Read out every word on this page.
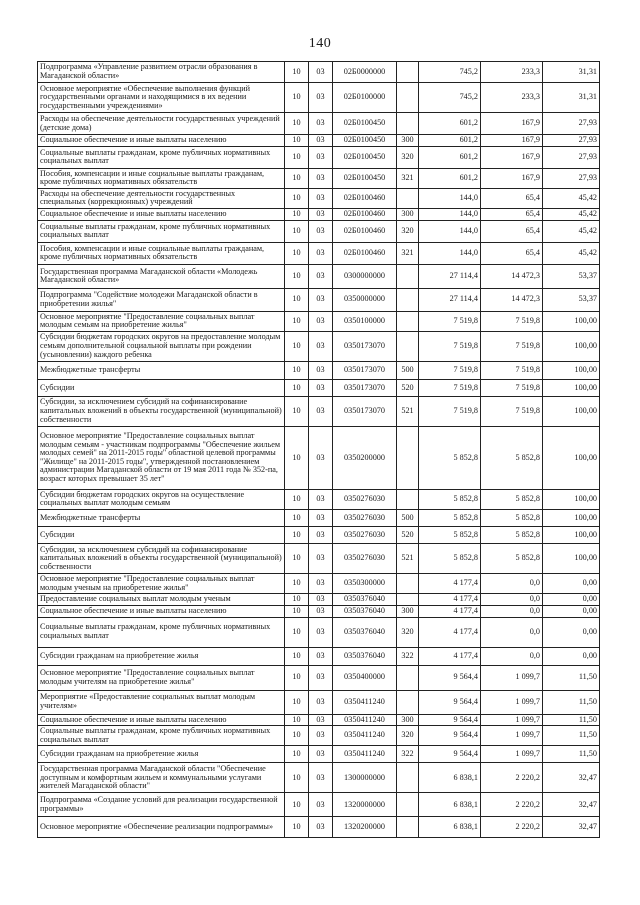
140
Подпрограмма «Управление развитием отрасли образования в Магаданской области»	10	03	02Б0000000		745,2	233,3	31,31
Основное мероприятие «Обеспечение выполнения функций государственными органами и находящимися в их ведении государственными учреждениями»	10	03	02Б0100000		745,2	233,3	31,31
Расходы на обеспечение деятельности государственных учреждений (детские дома)	10	03	02Б0100450		601,2	167,9	27,93
Социальное обеспечение и иные выплаты населению	10	03	02Б0100450	300	601,2	167,9	27,93
Социальные выплаты гражданам, кроме публичных нормативных социальных выплат	10	03	02Б0100450	320	601,2	167,9	27,93
Пособия, компенсации и иные социальные выплаты гражданам, кроме публичных нормативных обязательств	10	03	02Б0100450	321	601,2	167,9	27,93
Расходы на обеспечение деятельности государственных специальных (коррекционных) учреждений	10	03	02Б0100460		144,0	65,4	45,42
Социальное обеспечение и иные выплаты населению	10	03	02Б0100460	300	144,0	65,4	45,42
Социальные выплаты гражданам, кроме публичных нормативных социальных выплат	10	03	02Б0100460	320	144,0	65,4	45,42
Пособия, компенсации и иные социальные выплаты гражданам, кроме публичных нормативных обязательств	10	03	02Б0100460	321	144,0	65,4	45,42
Государственная программа Магаданской области «Молодежь Магаданской области»	10	03	0300000000		27 114,4	14 472,3	53,37
Подпрограмма "Содействие молодежи Магаданской области в приобретении жилья"	10	03	0350000000		27 114,4	14 472,3	53,37
Основное мероприятие "Предоставление социальных выплат молодым семьям на приобретение жилья"	10	03	0350100000		7 519,8	7 519,8	100,00
Субсидии бюджетам городских округов на предоставление молодым семьям дополнительной социальной выплаты при рождении (усыновлении) каждого ребенка	10	03	0350173070		7 519,8	7 519,8	100,00
Межбюджетные трансферты	10	03	0350173070	500	7 519,8	7 519,8	100,00
Субсидии	10	03	0350173070	520	7 519,8	7 519,8	100,00
Субсидии, за исключением субсидий на софинансирование капитальных вложений в объекты государственной (муниципальной) собственности	10	03	0350173070	521	7 519,8	7 519,8	100,00
Основное мероприятие "Предоставление социальных выплат молодым семьям - участникам подпрограммы "Обеспечение жильем молодых семей" на 2011-2015 годы" областной целевой программы "Жилище" на 2011-2015 годы", утвержденной постановлением администрации Магаданской области от 19 мая 2011 года № 352-па, возраст которых превышает 35 лет"	10	03	0350200000		5 852,8	5 852,8	100,00
Субсидии бюджетам городских округов на осуществление социальных выплат молодым семьям	10	03	0350276030		5 852,8	5 852,8	100,00
Межбюджетные трансферты	10	03	0350276030	500	5 852,8	5 852,8	100,00
Субсидии	10	03	0350276030	520	5 852,8	5 852,8	100,00
Субсидии, за исключением субсидий на софинансирование капитальных вложений в объекты государственной (муниципальной) собственности	10	03	0350276030	521	5 852,8	5 852,8	100,00
Основное мероприятие "Предоставление социальных выплат молодым ученым на приобретение жилья"	10	03	0350300000		4 177,4	0,0	0,00
Предоставление социальных выплат молодым ученым	10	03	0350376040		4 177,4	0,0	0,00
Социальное обеспечение и иные выплаты населению	10	03	0350376040	300	4 177,4	0,0	0,00
Социальные выплаты гражданам, кроме публичных нормативных социальных выплат	10	03	0350376040	320	4 177,4	0,0	0,00
Субсидии гражданам на приобретение жилья	10	03	0350376040	322	4 177,4	0,0	0,00
Основное мероприятие "Предоставление социальных выплат молодым учителям на приобретение жилья"	10	03	0350400000		9 564,4	1 099,7	11,50
Мероприятие «Предоставление социальных выплат молодым учителям»	10	03	0350411240		9 564,4	1 099,7	11,50
Социальное обеспечение и иные выплаты населению	10	03	0350411240	300	9 564,4	1 099,7	11,50
Социальные выплаты гражданам, кроме публичных нормативных социальных выплат	10	03	0350411240	320	9 564,4	1 099,7	11,50
Субсидии гражданам на приобретение жилья	10	03	0350411240	322	9 564,4	1 099,7	11,50
Государственная программа Магаданской области "Обеспечение доступным и комфортным жильем и коммунальными услугами жителей Магаданской области"	10	03	1300000000		6 838,1	2 220,2	32,47
Подпрограмма «Создание условий для реализации государственной программы»	10	03	1320000000		6 838,1	2 220,2	32,47
Основное мероприятие «Обеспечение реализации подпрограммы»	10	03	1320200000		6 838,1	2 220,2	32,47
